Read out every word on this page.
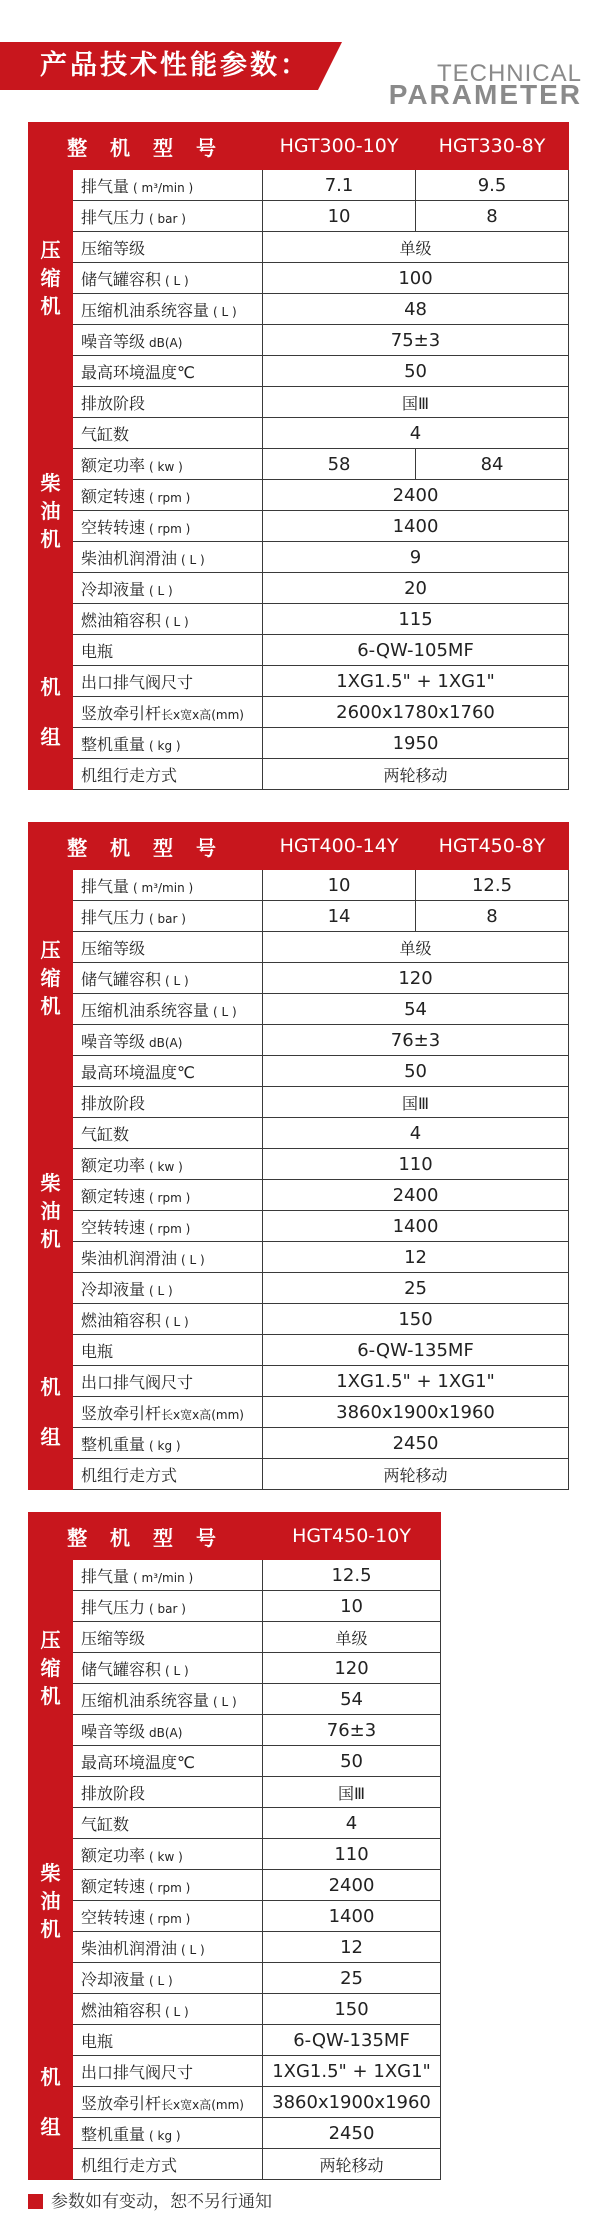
产品技术性能参数：	TECHNICAL
PARAMETER
整 机 型 号		HGT300-10Y	HGT330-8Y

压
缩
机	排气量 ( m³/min )	7.1	9.5
	排气压力 ( bar )	10	8
	压缩等级	单级	
	储气罐容积 ( L )	100	
	压缩机油系统容量 ( L )	48	
	噪音等级 dB(A)	75±3	
	最高环境温度℃	50	

柴
油
机	排放阶段	国Ⅲ	
	气缸数	4	
	额定功率 ( kw )	58	84
	额定转速 ( rpm )	2400	
	空转转速 ( rpm )	1400	
	柴油机润滑油 ( L )	9	
	冷却液量 ( L )	20	
	燃油箱容积 ( L )	115	

机
组	电瓶	6-QW-105MF	
	出口排气阀尺寸	1XG1.5" + 1XG1"	
	竖放牵引杆长x宽x高(mm)	2600x1780x1760	
	整机重量 ( kg )	1950	
	机组行走方式	两轮移动	
整 机 型 号		HGT400-14Y	HGT450-8Y

压
缩
机	排气量 ( m³/min )	10	12.5
	排气压力 ( bar )	14	8
	压缩等级	单级	
	储气罐容积 ( L )	120	
	压缩机油系统容量 ( L )	54	
	噪音等级 dB(A)	76±3	
	最高环境温度℃	50	

柴
油
机	排放阶段	国Ⅲ	
	气缸数	4	
	额定功率 ( kw )	110	
	额定转速 ( rpm )	2400	
	空转转速 ( rpm )	1400	
	柴油机润滑油 ( L )	12	
	冷却液量 ( L )	25	
	燃油箱容积 ( L )	150	

机
组	电瓶	6-QW-135MF	
	出口排气阀尺寸	1XG1.5" + 1XG1"	
	竖放牵引杆长x宽x高(mm)	3860x1900x1960	
	整机重量 ( kg )	2450	
	机组行走方式	两轮移动	
整 机 型 号		HGT450-10Y

压
缩
机	排气量 ( m³/min )	12.5
	排气压力 ( bar )	10
	压缩等级	单级
	储气罐容积 ( L )	120
	压缩机油系统容量 ( L )	54
	噪音等级 dB(A)	76±3
	最高环境温度℃	50

柴
油
机	排放阶段	国Ⅲ
	气缸数	4
	额定功率 ( kw )	110
	额定转速 ( rpm )	2400
	空转转速 ( rpm )	1400
	柴油机润滑油 ( L )	12
	冷却液量 ( L )	25
	燃油箱容积 ( L )	150

机
组	电瓶	6-QW-135MF
	出口排气阀尺寸	1XG1.5" + 1XG1"
	竖放牵引杆长x宽x高(mm)	3860x1900x1960
	整机重量 ( kg )	2450
	机组行走方式	两轮移动
参数如有变动，恕不另行通知
